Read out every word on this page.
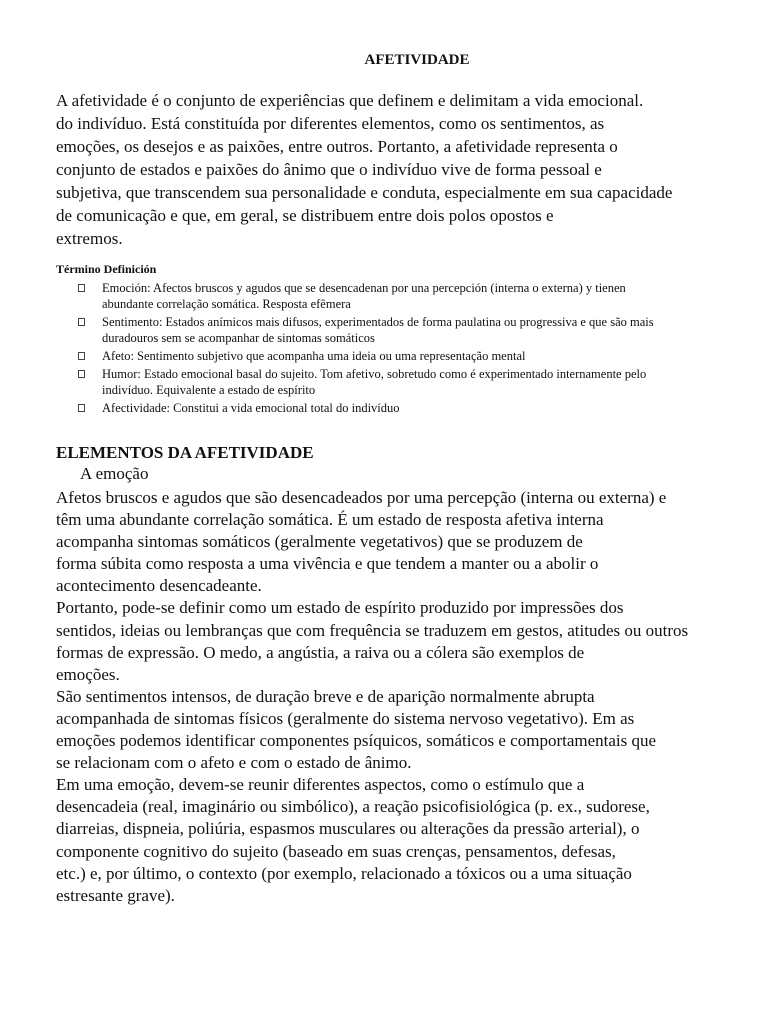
AFETIVIDADE

A afetividade é o conjunto de experiências que definem e delimitam a vida emocional.
do indivíduo. Está constituída por diferentes elementos, como os sentimentos, as
emoções, os desejos e as paixões, entre outros. Portanto, a afetividade representa o
conjunto de estados e paixões do ânimo que o indivíduo vive de forma pessoal e
subjetiva, que transcendem sua personalidade e conduta, especialmente em sua capacidade
de comunicação e que, em geral, se distribuem entre dois polos opostos e
extremos.

Término Definición
Emoción: Afectos bruscos y agudos que se desencadenan por una percepción (interna o externa) y tienen
abundante correlação somática. Resposta efêmera
Sentimento: Estados anímicos mais difusos, experimentados de forma paulatina ou progressiva e que são mais
duradouros sem se acompanhar de sintomas somáticos
Afeto: Sentimento subjetivo que acompanha uma ideia ou uma representação mental
Humor: Estado emocional basal do sujeito. Tom afetivo, sobretudo como é experimentado internamente pelo
indivíduo. Equivalente a estado de espírito
Afectividade: Constitui a vida emocional total do indivíduo
ELEMENTOS DA AFETIVIDADE
A emoção

Afetos bruscos e agudos que são desencadeados por uma percepção (interna ou externa) e
têm uma abundante correlação somática. É um estado de resposta afetiva interna
acompanha sintomas somáticos (geralmente vegetativos) que se produzem de
forma súbita como resposta a uma vivência e que tendem a manter ou a abolir o
acontecimento desencadeante.
Portanto, pode-se definir como um estado de espírito produzido por impressões dos
sentidos, ideias ou lembranças que com frequência se traduzem em gestos, atitudes ou outros
formas de expressão. O medo, a angústia, a raiva ou a cólera são exemplos de
emoções.
São sentimentos intensos, de duração breve e de aparição normalmente abrupta
acompanhada de sintomas físicos (geralmente do sistema nervoso vegetativo). Em as
emoções podemos identificar componentes psíquicos, somáticos e comportamentais que
se relacionam com o afeto e com o estado de ânimo.
Em uma emoção, devem-se reunir diferentes aspectos, como o estímulo que a
desencadeia (real, imaginário ou simbólico), a reação psicofisiológica (p. ex., sudorese,
diarreias, dispneia, poliúria, espasmos musculares ou alterações da pressão arterial), o
componente cognitivo do sujeito (baseado em suas crenças, pensamentos, defesas,
etc.) e, por último, o contexto (por exemplo, relacionado a tóxicos ou a uma situação
estresante grave).
